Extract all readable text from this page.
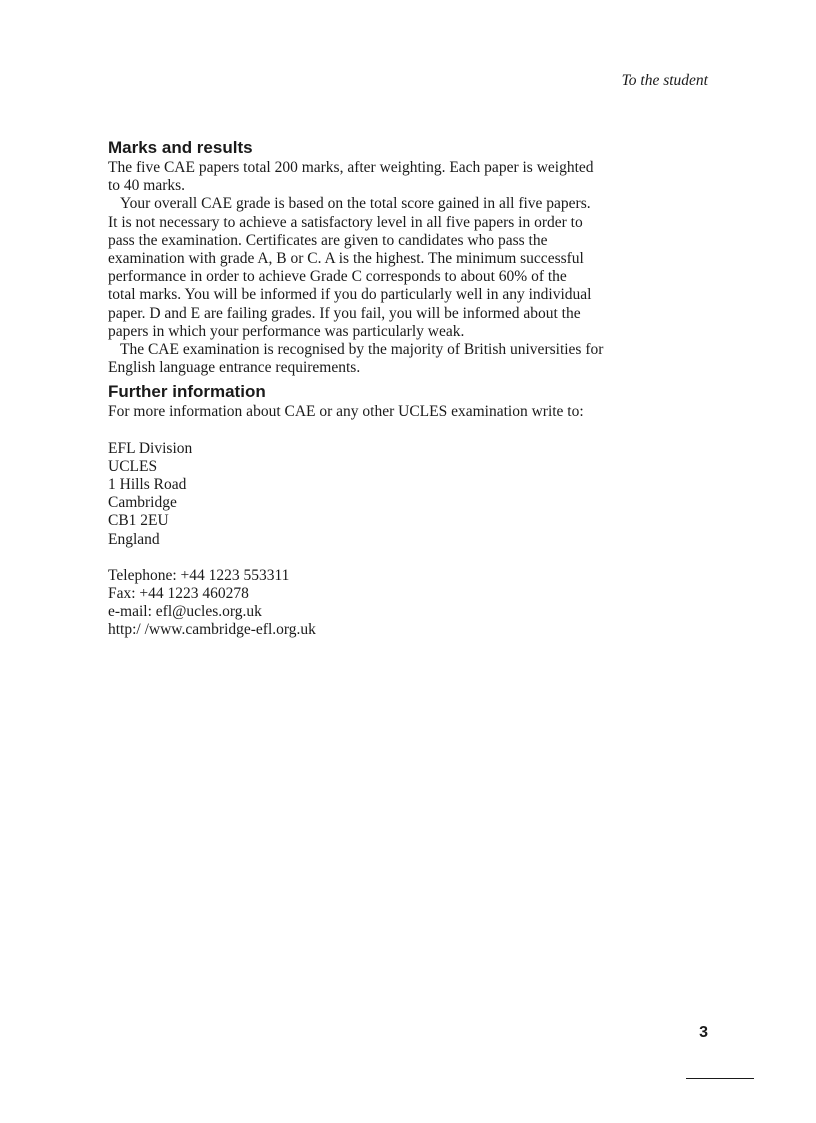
To the student
Marks and results
The five CAE papers total 200 marks, after weighting. Each paper is weighted
to 40 marks.
Your overall CAE grade is based on the total score gained in all five papers.
It is not necessary to achieve a satisfactory level in all five papers in order to
pass the examination. Certificates are given to candidates who pass the
examination with grade A, B or C. A is the highest. The minimum successful
performance in order to achieve Grade C corresponds to about 60% of the
total marks. You will be informed if you do particularly well in any individual
paper. D and E are failing grades. If you fail, you will be informed about the
papers in which your performance was particularly weak.
The CAE examination is recognised by the majority of British universities for
English language entrance requirements.
Further information
For more information about CAE or any other UCLES examination write to:
EFL Division
UCLES
1 Hills Road
Cambridge
CB1 2EU
England
Telephone: +44 1223 553311
Fax: +44 1223 460278
e-mail: efl@ucles.org.uk
http:/ /www.cambridge-efl.org.uk
3
